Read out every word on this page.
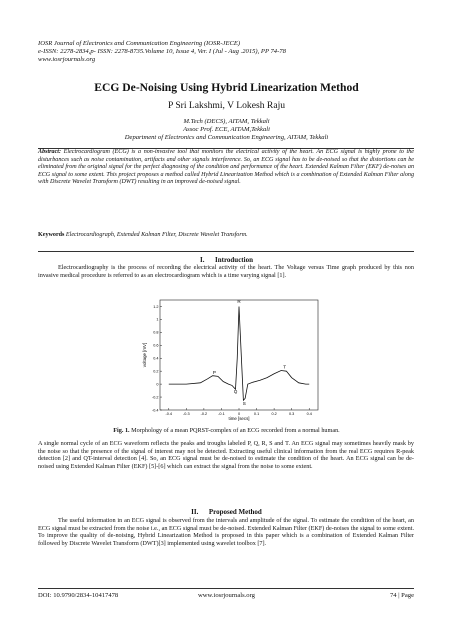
IOSR Journal of Electronics and Communication Engineering (IOSR-JECE)
e-ISSN: 2278-2834,p- ISSN: 2278-8735.Volume 10, Issue 4, Ver. I (Jul - Aug .2015), PP 74-78
www.iosrjournals.org
ECG De-Noising Using Hybrid Linearization Method
P Sri Lakshmi, V Lokesh Raju
M.Tech (DECS), AITAM, Tekkali
Assoc Prof. ECE, AITAM,Tekkali
Department of Electronics and Communication Engineering, AITAM, Tekkali
Abstract: Electrocardiogram (ECG) is a non-invasive tool that monitors the electrical activity of the heart. An ECG signal is highly prone to the disturbances such as noise contamination, artifacts and other signals interference. So, an ECG signal has to be de-noised so that the distortions can be eliminated from the original signal for the perfect diagnosing of the condition and performance of the heart. Extended Kalman Filter (EKF) de-noises an ECG signal to some extent. This project proposes a method called Hybrid Linearization Method which is a combination of Extended Kalman Filter along with Discrete Wavelet Transform (DWT) resulting in an improved de-noised signal.
Keywords Electrocardiograph, Extended Kalman Filter, Discrete Wavelet Transform.
I.      Introduction
Electrocardiography is the process of recording the electrical activity of the heart. The Voltage versus Time graph produced by this non invasive medical procedure is referred to as an electrocardiogram which is a time varying signal [1].
-0.4	-0.3	-0.2	-0.1	0	0.1	0.2	0.3	0.4
-0.4
-0.2
0
0.2
0.4
0.6
0.8
1
1.2
P
Q
R
S
T
time [secs]
voltage [mV]
Fig. 1. Morphology of a mean PQRST-complex of an ECG recorded from a normal human.
A single normal cycle of an ECG waveform reflects the peaks and troughs labeled P, Q, R, S and T. An ECG signal may sometimes heavily mask by the noise so that the presence of the signal of interest may not be detected. Extracting useful clinical information from the real ECG requires R-peak detection [2] and QT-interval detection [4]. So, an ECG signal must be de-noised to estimate the condition of the heart. An ECG signal can be de-noised using Extended Kalman Filter (EKF) [5]-[6] which can extract the signal from the noise to some extent.
II.      Proposed Method
The useful information in an ECG signal is observed from the intervals and amplitude of the signal. To estimate the condition of the heart, an ECG signal must be extracted from the noise i.e., an ECG signal must be de-noised. Extended Kalman Filter (EKF) de-noises the signal to some extent. To improve the quality of de-noising, Hybrid Linearization Method is proposed in this paper which is a combination of Extended Kalman Filter followed by Discrete Wavelet Transform (DWT)[3] implemented using wavelet toolbox [7].
DOI: 10.9790/2834-10417478	www.iosrjournals.org	74 | Page
